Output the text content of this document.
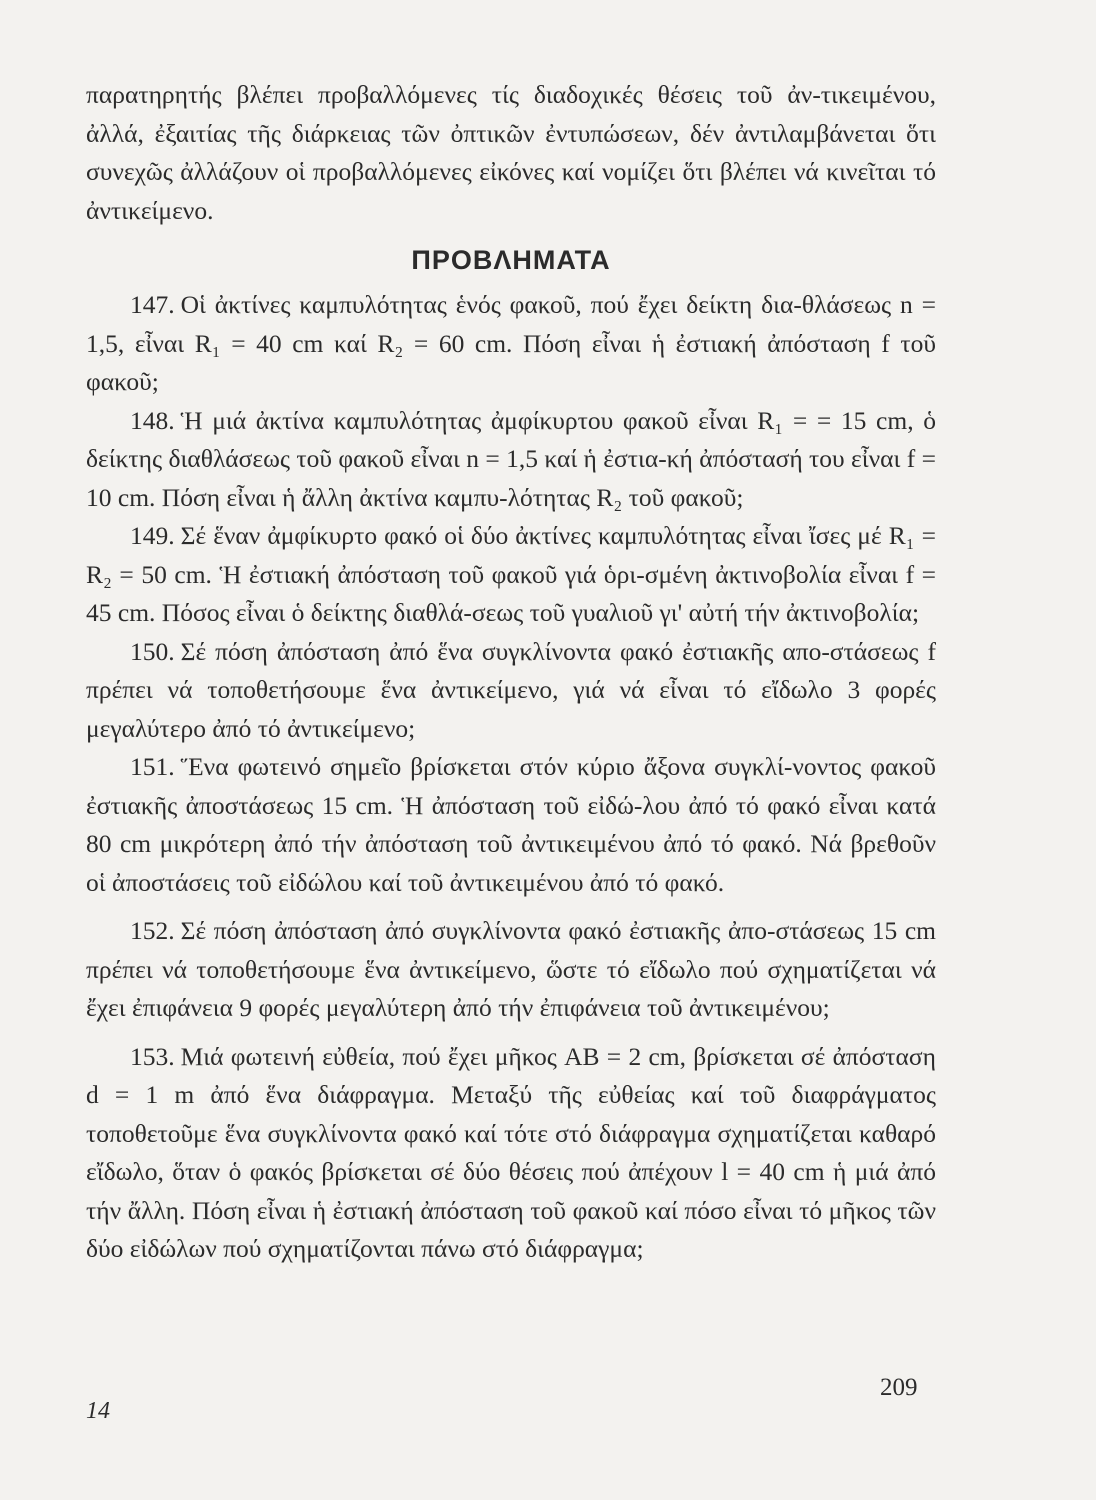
παρατηρητής βλέπει προβαλλόμενες τίς διαδοχικές θέσεις τοῦ ἀν-τικειμένου, ἀλλά, ἐξαιτίας τῆς διάρκειας τῶν ὀπτικῶν ἐντυπώσεων, δέν ἀντιλαμβάνεται ὅτι συνεχῶς ἀλλάζουν οἱ προβαλλόμενες εἰκόνες καί νομίζει ὅτι βλέπει νά κινεῖται τό ἀντικείμενο.

ΠΡΟΒΛΗΜΑΤΑ

147. Οἱ ἀκτίνες καμπυλότητας ἑνός φακοῦ, πού ἔχει δείκτη δια-θλάσεως n = 1,5, εἶναι R₁ = 40 cm καί R₂ = 60 cm. Πόση εἶναι ἡ ἐστιακή ἀπόσταση f τοῦ φακοῦ;

148. Ἡ μιά ἀκτίνα καμπυλότητας ἀμφίκυρτου φακοῦ εἶναι R₁ = = 15 cm, ὁ δείκτης διαθλάσεως τοῦ φακοῦ εἶναι n = 1,5 καί ἡ ἐστια-κή ἀπόστασή του εἶναι f = 10 cm. Πόση εἶναι ἡ ἄλλη ἀκτίνα καμπυ-λότητας R₂ τοῦ φακοῦ;

149. Σέ ἕναν ἀμφίκυρτο φακό οἱ δύο ἀκτίνες καμπυλότητας εἶναι ἴσες μέ R₁ = R₂ = 50 cm. Ἡ ἐστιακή ἀπόσταση τοῦ φακοῦ γιά ὁρι-σμένη ἀκτινοβολία εἶναι f = 45 cm. Πόσος εἶναι ὁ δείκτης διαθλά-σεως τοῦ γυαλιοῦ γι' αὐτή τήν ἀκτινοβολία;

150. Σέ πόση ἀπόσταση ἀπό ἕνα συγκλίνοντα φακό ἐστιακῆς απο-στάσεως f πρέπει νά τοποθετήσουμε ἕνα ἀντικείμενο, γιά νά εἶναι τό εἴδωλο 3 φορές μεγαλύτερο ἀπό τό ἀντικείμενο;

151. Ἕνα φωτεινό σημεῖο βρίσκεται στόν κύριο ἄξονα συγκλί-νοντος φακοῦ ἐστιακῆς ἀποστάσεως 15 cm. Ἡ ἀπόσταση τοῦ εἰδώ-λου ἀπό τό φακό εἶναι κατά 80 cm μικρότερη ἀπό τήν ἀπόσταση τοῦ ἀντικειμένου ἀπό τό φακό. Νά βρεθοῦν οἱ ἀποστάσεις τοῦ εἰδώλου καί τοῦ ἀντικειμένου ἀπό τό φακό.

152. Σέ πόση ἀπόσταση ἀπό συγκλίνοντα φακό ἐστιακῆς ἀπο-στάσεως 15 cm πρέπει νά τοποθετήσουμε ἕνα ἀντικείμενο, ὥστε τό εἴδωλο πού σχηματίζεται νά ἔχει ἐπιφάνεια 9 φορές μεγαλύτερη ἀπό τήν ἐπιφάνεια τοῦ ἀντικειμένου;

153. Μιά φωτεινή εὐθεία, πού ἔχει μῆκος AB = 2 cm, βρίσκεται σέ ἀπόσταση d = 1 m ἀπό ἕνα διάφραγμα. Μεταξύ τῆς εὐθείας καί τοῦ διαφράγματος τοποθετοῦμε ἕνα συγκλίνοντα φακό καί τότε στό διάφραγμα σχηματίζεται καθαρό εἴδωλο, ὅταν ὁ φακός βρίσκεται σέ δύο θέσεις πού ἀπέχουν l = 40 cm ἡ μιά ἀπό τήν ἄλλη. Πόση εἶναι ἡ ἐστιακή ἀπόσταση τοῦ φακοῦ καί πόσο εἶναι τό μῆκος τῶν δύο εἰδώλων πού σχηματίζονται πάνω στό διάφραγμα;

14
209
